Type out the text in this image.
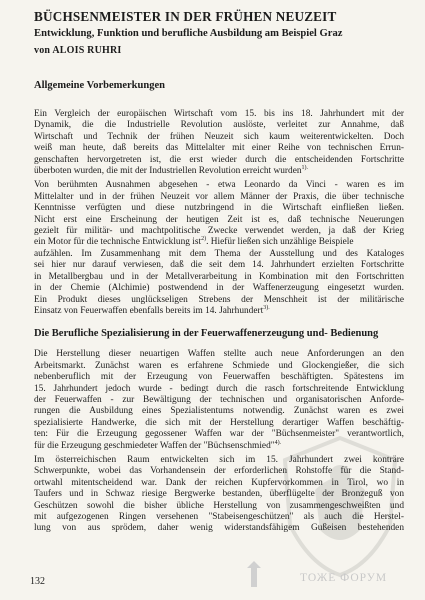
BÜCHSENMEISTER IN DER FRÜHEN NEUZEIT
Entwicklung, Funktion und berufliche Ausbildung am Beispiel Graz

von ALOIS RUHRI

Allgemeine Vorbemerkungen
Ein Vergleich der europäischen Wirtschaft vom 15. bis ins 18. Jahrhundert mit der
Dynamik, die die Industrielle Revolution auslöste, verleitet zur Annahme, daß
Wirtschaft und Technik der frühen Neuzeit sich kaum weiterentwickelten. Doch
weiß man heute, daß bereits das Mittelalter mit einer Reihe von technischen Errun-
genschaften hervorgetreten ist, die erst wieder durch die entscheidenden Fortschritte
überboten wurden, die mit der Industriellen Revolution erreicht wurden$^{1).}$
Von berühmten Ausnahmen abgesehen - etwa Leonardo da Vinci - waren es im
Mittelalter und in der frühen Neuzeit vor allem Männer der Praxis, die über technische
Kenntnisse verfügten und diese nutzbringend in die Wirtschaft einfließen ließen.
Nicht erst eine Erscheinung der heutigen Zeit ist es, daß technische Neuerungen
gezielt für militär- und machtpolitische Zwecke verwendet werden, ja daß der Krieg
ein Motor für die technische Entwicklung ist$^{2)}$. Hiefür ließen sich unzählige Beispiele
aufzählen. Im Zusammenhang mit dem Thema der Ausstellung und des Kataloges
sei hier nur darauf verwiesen, daß die seit dem 14. Jahrhundert erzielten Fortschritte
in Metallbergbau und in der Metallverarbeitung in Kombination mit den Fortschritten
in der Chemie (Alchimie) postwendend in der Waffenerzeugung eingesetzt wurden.
Ein Produkt dieses unglückseligen Strebens der Menschheit ist der militärische
Einsatz von Feuerwaffen ebenfalls bereits im 14. Jahrhundert$^{3).}$
Die Berufliche Spezialisierung in der Feuerwaffenerzeugung und- Bedienung
Die Herstellung dieser neuartigen Waffen stellte auch neue Anforderungen an den
Arbeitsmarkt. Zunächst waren es erfahrene Schmiede und Glockengießer, die sich
nebenberuflich mit der Erzeugung von Feuerwaffen beschäftigten. Spätestens im
15. Jahrhundert jedoch wurde - bedingt durch die rasch fortschreitende Entwicklung
der Feuerwaffen - zur Bewältigung der technischen und organisatorischen Anforde-
rungen die Ausbildung eines Spezialistentums notwendig. Zunächst waren es zwei
spezialisierte Handwerke, die sich mit der Herstellung derartiger Waffen beschäftig-
ten: Für die Erzeugung gegossener Waffen war der "Büchsenmeister" verantwortlich,
für die Erzeugung geschmiedeter Waffen der "Büchsenschmied"$^{4).}$
Im österreichischen Raum entwickelten sich im 15. Jahrhundert zwei konträre
Schwerpunkte, wobei das Vorhandensein der erforderlichen Rohstoffe für die Stand-
ortwahl mitentscheidend war. Dank der reichen Kupfervorkommen in Tirol, wo in
Taufers und in Schwaz riesige Bergwerke bestanden, überflügelte der Bronzeguß von
Geschützen sowohl die bisher übliche Herstellung von zusammengeschweißten und
mit aufgezogenen Ringen versehenen "Stabeisengeschützen" als auch die Herstel-
lung von aus sprödem, daher wenig widerstandsfähigem Gußeisen bestehenden
132	ТОЖЕ ФОРУМ
